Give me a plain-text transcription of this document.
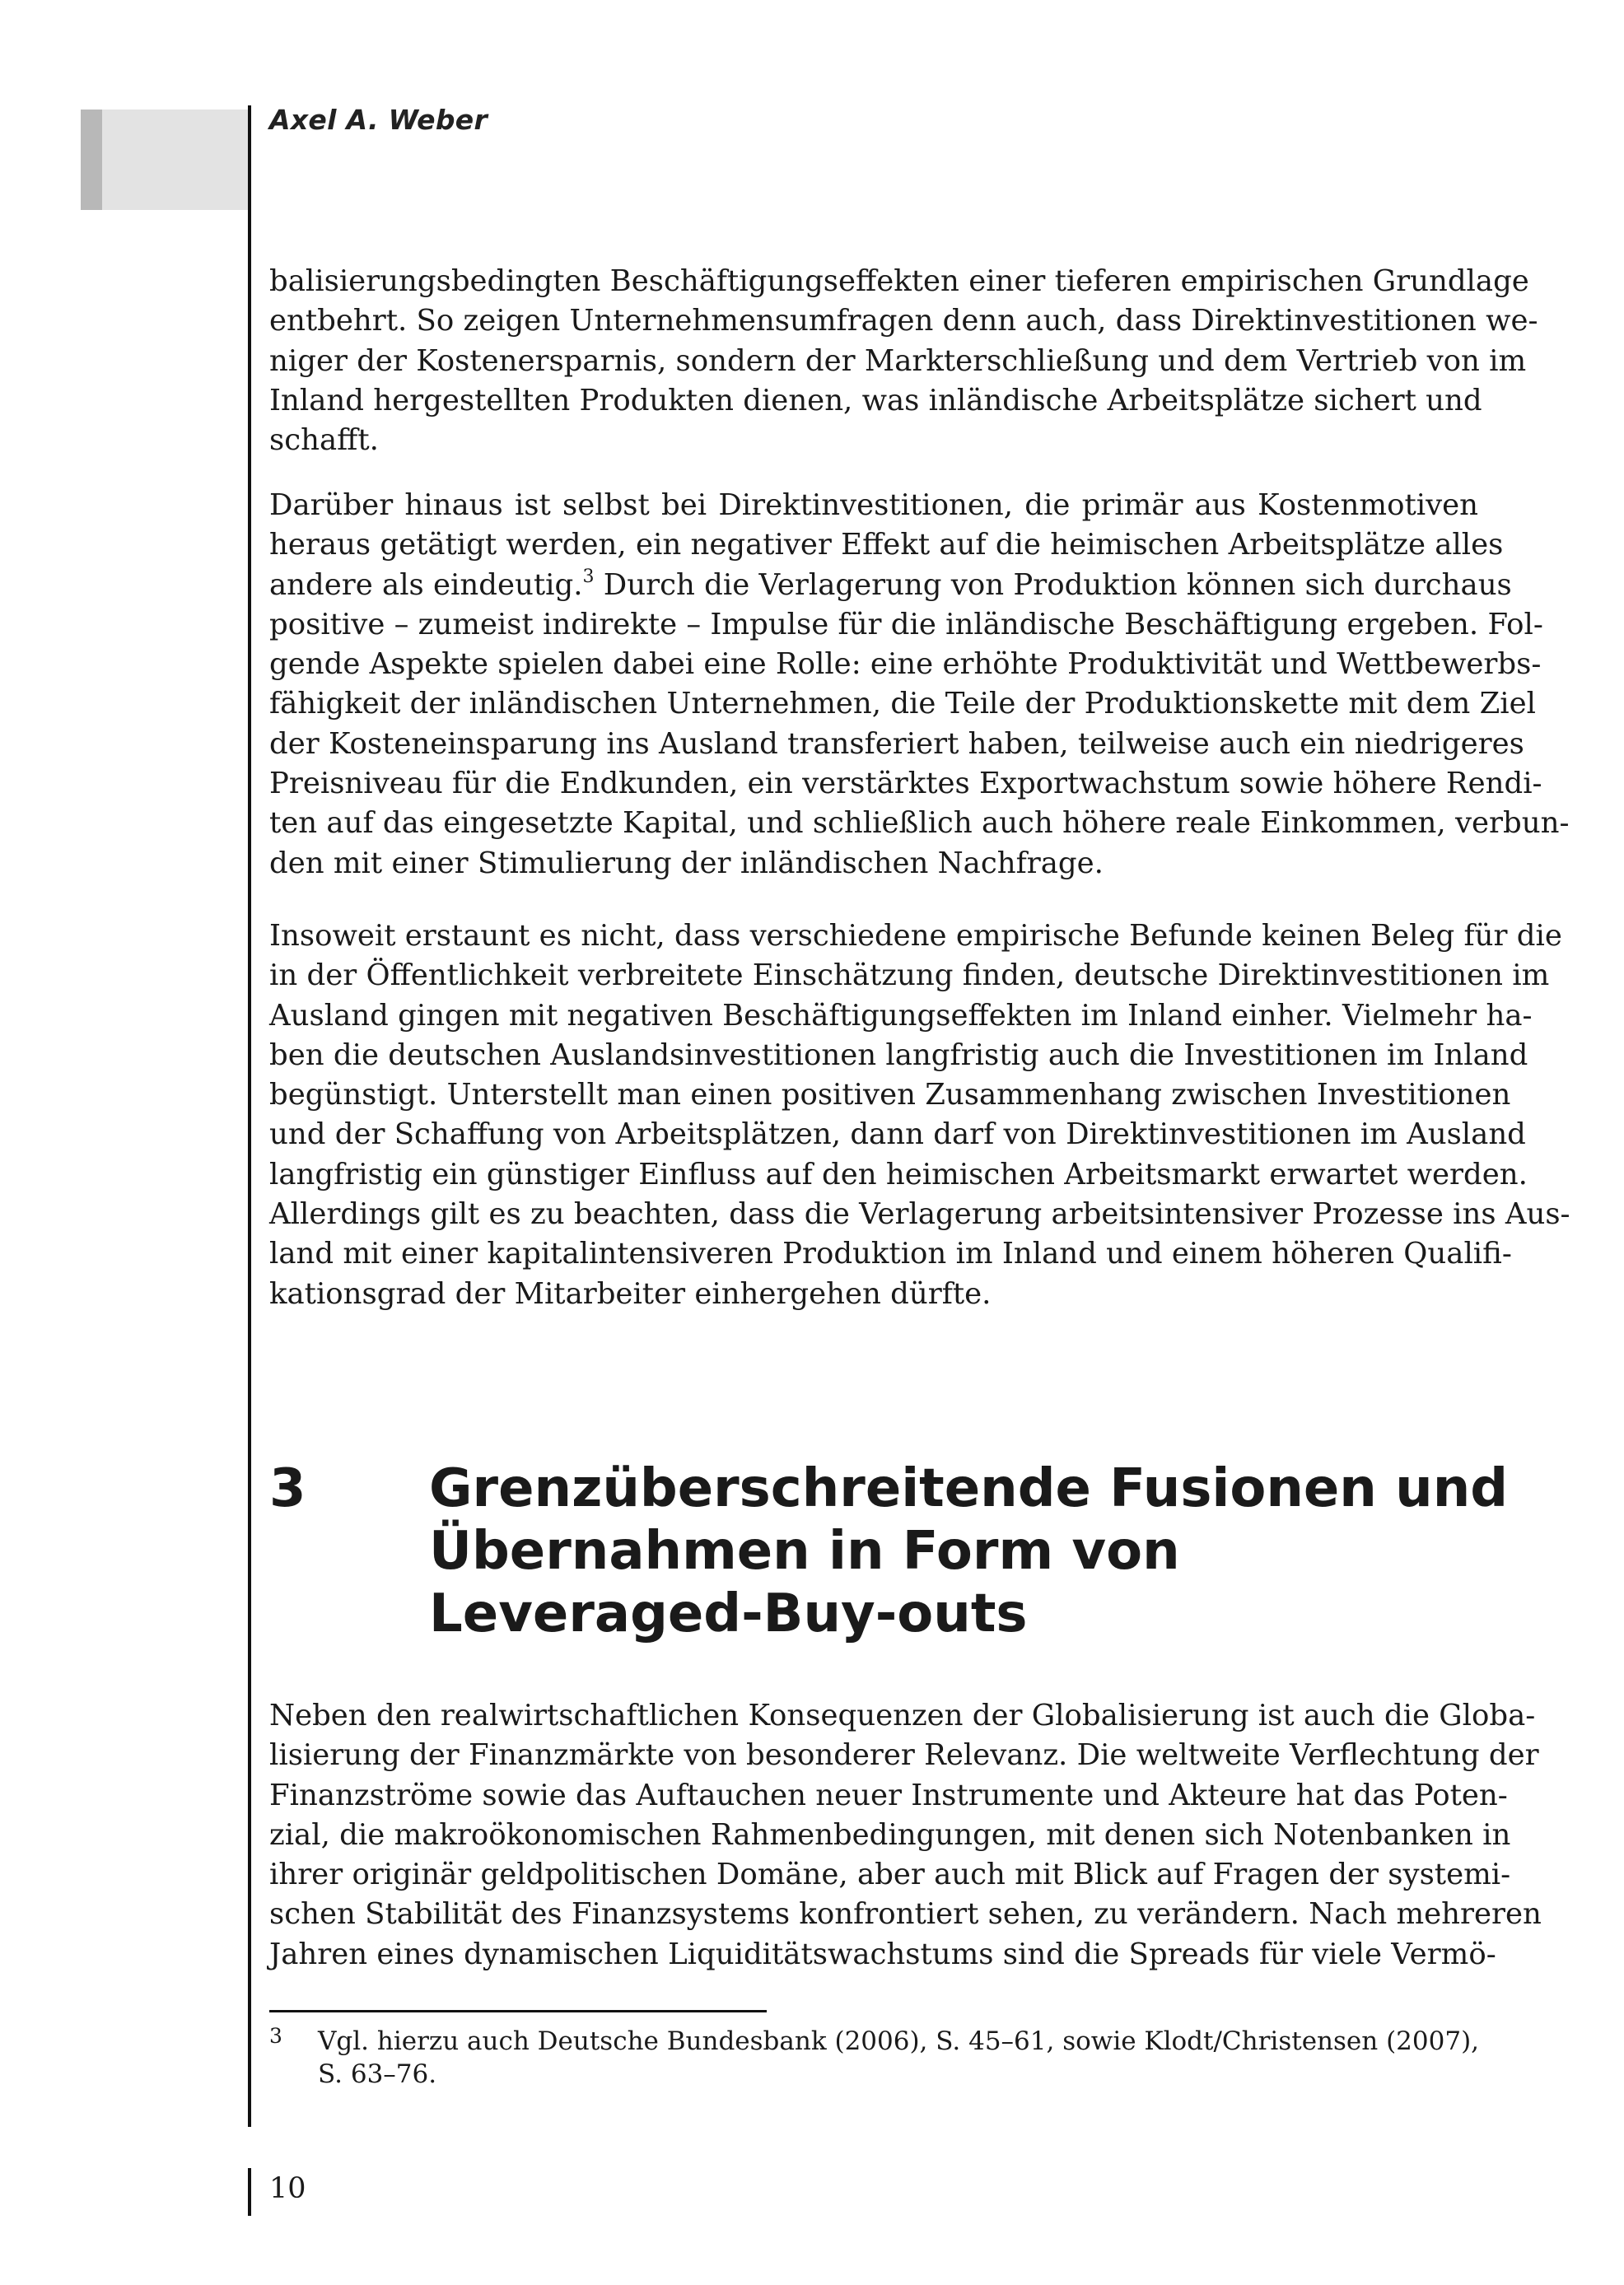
Axel A. Weber
balisierungsbedingten Beschäftigungseffekten einer tieferen empirischen Grundlage
entbehrt. So zeigen Unternehmensumfragen denn auch, dass Direktinvestitionen we-
niger der Kostenersparnis, sondern der Markterschließung und dem Vertrieb von im
Inland hergestellten Produkten dienen, was inländische Arbeitsplätze sichert und
schafft.
Darüber hinaus ist selbst bei Direktinvestitionen, die primär aus Kostenmotiven
heraus getätigt werden, ein negativer Effekt auf die heimischen Arbeitsplätze alles
andere als eindeutig.$^3$ Durch die Verlagerung von Produktion können sich durchaus
positive – zumeist indirekte – Impulse für die inländische Beschäftigung ergeben. Fol-
gende Aspekte spielen dabei eine Rolle: eine erhöhte Produktivität und Wettbewerbs-
fähigkeit der inländischen Unternehmen, die Teile der Produktionskette mit dem Ziel
der Kosteneinsparung ins Ausland transferiert haben, teilweise auch ein niedrigeres
Preisniveau für die Endkunden, ein verstärktes Exportwachstum sowie höhere Rendi-
ten auf das eingesetzte Kapital, und schließlich auch höhere reale Einkommen, verbun-
den mit einer Stimulierung der inländischen Nachfrage.
Insoweit erstaunt es nicht, dass verschiedene empirische Befunde keinen Beleg für die
in der Öffentlichkeit verbreitete Einschätzung finden, deutsche Direktinvestitionen im
Ausland gingen mit negativen Beschäftigungseffekten im Inland einher. Vielmehr ha-
ben die deutschen Auslandsinvestitionen langfristig auch die Investitionen im Inland
begünstigt. Unterstellt man einen positiven Zusammenhang zwischen Investitionen
und der Schaffung von Arbeitsplätzen, dann darf von Direktinvestitionen im Ausland
langfristig ein günstiger Einfluss auf den heimischen Arbeitsmarkt erwartet werden.
Allerdings gilt es zu beachten, dass die Verlagerung arbeitsintensiver Prozesse ins Aus-
land mit einer kapitalintensiveren Produktion im Inland und einem höheren Qualifi-
kationsgrad der Mitarbeiter einhergehen dürfte.
3 Grenzüberschreitende Fusionen und
Übernahmen in Form von
Leveraged-Buy-outs
Neben den realwirtschaftlichen Konsequenzen der Globalisierung ist auch die Globa-
lisierung der Finanzmärkte von besonderer Relevanz. Die weltweite Verflechtung der
Finanzströme sowie das Auftauchen neuer Instrumente und Akteure hat das Poten-
zial, die makroökonomischen Rahmenbedingungen, mit denen sich Notenbanken in
ihrer originär geldpolitischen Domäne, aber auch mit Blick auf Fragen der systemi-
schen Stabilität des Finanzsystems konfrontiert sehen, zu verändern. Nach mehreren
Jahren eines dynamischen Liquiditätswachstums sind die Spreads für viele Vermö-
3 Vgl. hierzu auch Deutsche Bundesbank (2006), S. 45–61, sowie Klodt/Christensen (2007),
S. 63–76.
10
